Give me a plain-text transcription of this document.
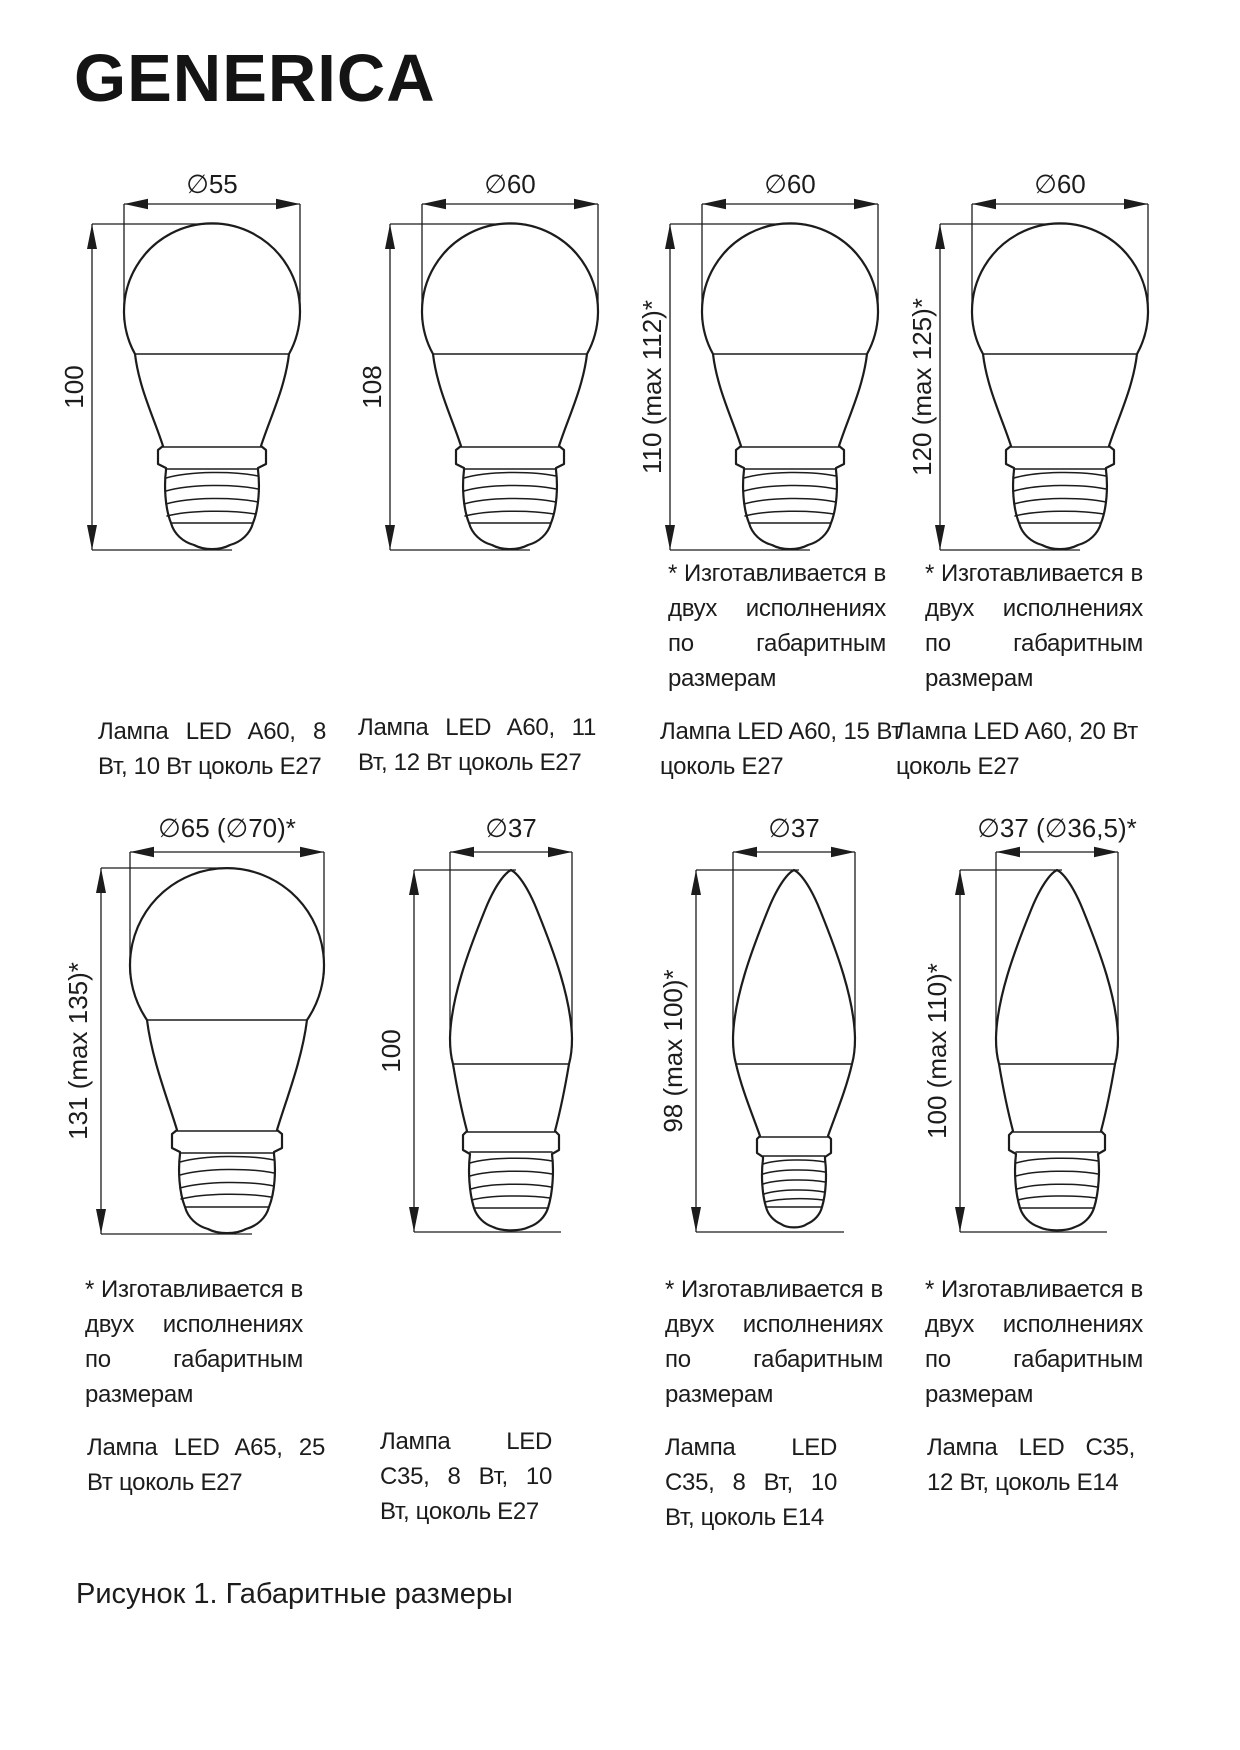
GENERICA
∅55
100
∅60
108
∅60
110 (max 112)*
∅60
120 (max 125)*
* Изготавливается в двух исполнениях по габаритным размерам
* Изготавливается в двух исполнениях по габаритным размерам
Лампа LED A60, 8 Вт, 10 Вт цоколь E27
Лампа LED A60, 11 Вт, 12 Вт цоколь E27
Лампа LED A60, 15 Вт цоколь E27
Лампа LED A60, 20 Вт цоколь E27
∅65 (∅70)*
131 (max 135)*
∅37
100
∅37
98 (max 100)*
∅37 (∅36,5)*
100 (max 110)*
* Изготавливается в двух исполнениях по габаритным размерам
* Изготавливается в двух исполнениях по габаритным размерам
* Изготавливается в двух исполнениях по габаритным размерам
Лампа LED A65, 25 Вт цоколь E27
Лампа LED C35, 8 Вт, 10 Вт, цоколь E27
Лампа LED C35, 8 Вт, 10 Вт, цоколь E14
Лампа LED C35, 12 Вт, цоколь E14
Рисунок 1. Габаритные размеры
